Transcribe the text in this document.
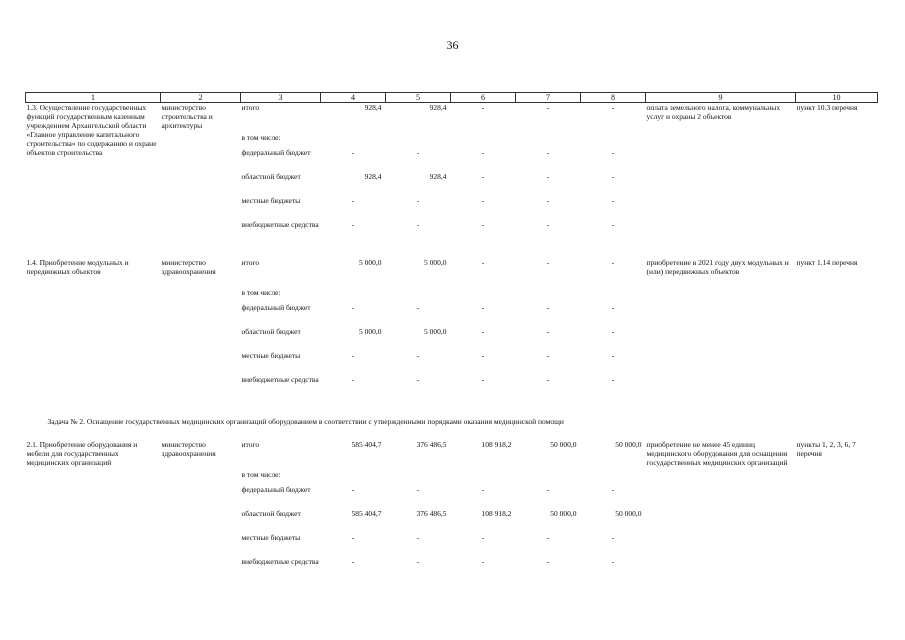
36
1	2	3	4	5	6	7	8	9	10
1.3. Осуществление государственных функций государственным казенным учреждением Архангельской области «Главное управление капитального строительства» по содержанию и охране объектов строительства	министерство строительства и архитектуры	итого	928,4	928,4	-	-	-	оплата земельного налога, коммунальных услуг и охраны 2 объектов	пункт 10.3 перечня
		в том числе:							
		федеральный бюджет	-	-	-	-	-		
		областной бюджет	928,4	928,4	-	-	-		
		местные бюджеты	-	-	-	-	-		
		внебюджетные средства	-	-	-	-	-		

1.4. Приобретение модульных и передвижных объектов	министерство здравоохранения	итого	5 000,0	5 000,0	-	-	-	приобретение в 2021 году двух модульных и (или) передвижных объектов	пункт 1.14 перечня
		в том числе:							
		федеральный бюджет	-	-	-	-	-		
		областной бюджет	5 000,0	5 000,0	-	-	-		
		местные бюджеты	-	-	-	-	-		
		внебюджетные средства	-	-	-	-	-		
Задача № 2. Оснащение государственных медицинских организаций оборудованием в соответствии с утвержденными порядками оказания медицинской помощи									
2.1. Приобретение оборудования и мебели для государственных медицинских организаций	министерство здравоохранения	итого	585 404,7	376 486,5	108 918,2	50 000,0	50 000,0	приобретение не менее 45 единиц медицинского оборудования для оснащения государственных медицинских организаций	пункты 1, 2, 3, 6, 7 перечня
		в том числе:							
		федеральный бюджет	-	-	-	-	-		
		областной бюджет	585 404,7	376 486,5	108 918,2	50 000,0	50 000,0		
		местные бюджеты	-	-	-	-	-		
		внебюджетные средства	-	-	-	-	-		
